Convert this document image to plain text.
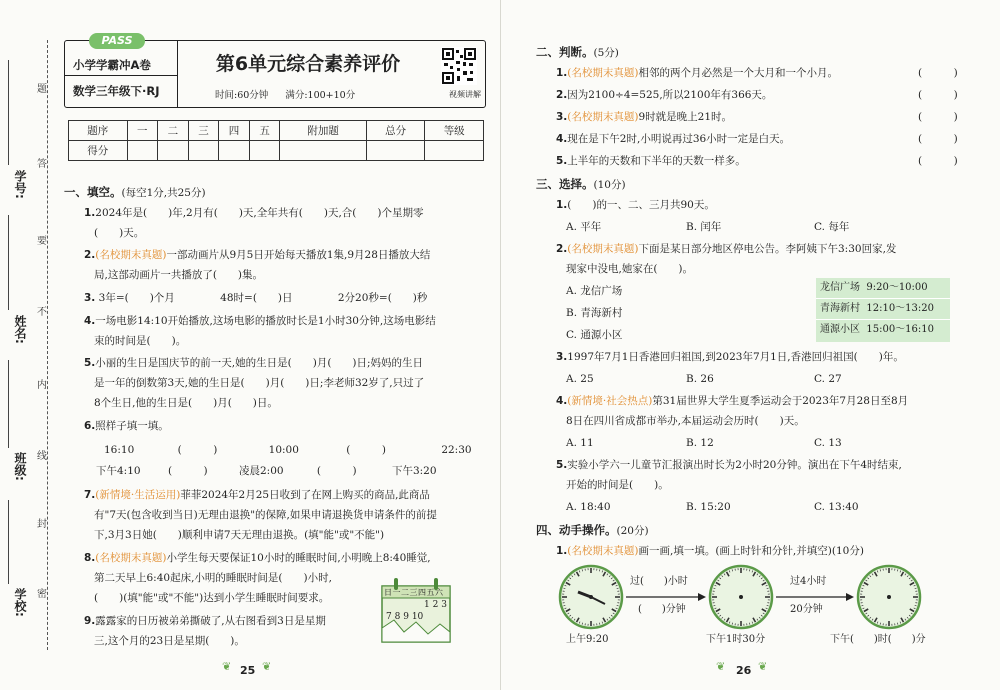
学号:
姓名:
班级:
学校:
题
答
要
不
内
线
封
密
PASS
小学学霸冲A卷
数学三年级下·RJ
第6单元综合素养评价
时间:60分钟 满分:100+10分	视频讲解
题序	一	二	三	四	五	附加题	总分	等级
得分								
一、填空。(每空1分,共25分)
1.2024年是(　　)年,2月有(　　)天,全年共有(　　)天,合(　　)个星期零
(　　)天。
2.(名校期末真题)一部动画片从9月5日开始每天播放1集,9月28日播放大结
局,这部动画片一共播放了(　　)集。
3. 3年=(　　)个月	48时=(　　)日	2分20秒=(　　)秒
4.一场电影14:10开始播放,这场电影的播放时长是1小时30分钟,这场电影结
束的时间是(　　)。
5.小丽的生日是国庆节的前一天,她的生日是(　　)月(　　)日;妈妈的生日
是一年的倒数第3天,她的生日是(　　)月(　　)日;李老师32岁了,只过了
8个生日,他的生日是(　　)月(　　)日。
6.照样子填一填。
16:10	(　　　)	10:00	(　　　)	22:30
下午4:10	(　　　)	凌晨2:00	(　　　)	下午3:20
7.(新情境·生活运用)菲菲2024年2月25日收到了在网上购买的商品,此商品
有"7天(包含收到当日)无理由退换"的保障,如果申请退换货申请条件的前提
下,3月3日她(　　)顺利申请7天无理由退换。(填"能"或"不能")
8.(名校期末真题)小学生每天要保证10小时的睡眠时间,小明晚上8:40睡觉,
第二天早上6:40起床,小明的睡眠时间是(　　)小时,
(　　)(填"能"或"不能")达到小学生睡眠时间要求。
9.露露家的日历被弟弟撕破了,从右图看到3日是星期
三,这个月的23日是星期(　　)。
日一二三四五六
1 2 3
7 8 9 10
❦ 25 ❦
二、判断。(5分)
1.(名校期末真题)相邻的两个月必然是一个大月和一个小月。	(　　　)
2.因为2100÷4=525,所以2100年有366天。	(　　　)
3.(名校期末真题)9时就是晚上21时。	(　　　)
4.现在是下午2时,小明说再过36小时一定是白天。	(　　　)
5.上半年的天数和下半年的天数一样多。	(　　　)
三、选择。(10分)
1.(　　)的一、二、三月共90天。
A. 平年	B. 闰年	C. 每年
2.(名校期末真题)下面是某日部分地区停电公告。李阿姨下午3:30回家,发
现家中没电,她家在(　　)。
A. 龙信广场
B. 青海新村
C. 通源小区
龙信广场 9:20～10:00
青海新村 12:10～13:20
通源小区 15:00～16:10
3.1997年7月1日香港回归祖国,到2023年7月1日,香港回归祖国(　　)年。
A. 25	B. 26	C. 27
4.(新情境·社会热点)第31届世界大学生夏季运动会于2023年7月28日至8月
8日在四川省成都市举办,本届运动会历时(　　)天。
A. 11	B. 12	C. 13
5.实验小学六一儿童节汇报演出时长为2小时20分钟。演出在下午4时结束,
开始的时间是(　　)。
A. 18:40	B. 15:20	C. 13:40
四、动手操作。(20分)
1.(名校期末真题)画一画,填一填。(画上时针和分针,并填空)(10分)
过(　　)小时
(　　)分钟
过4小时
20分钟
上午9:20	下午1时30分	下午(　　)时(　　)分
❦ 26 ❦
